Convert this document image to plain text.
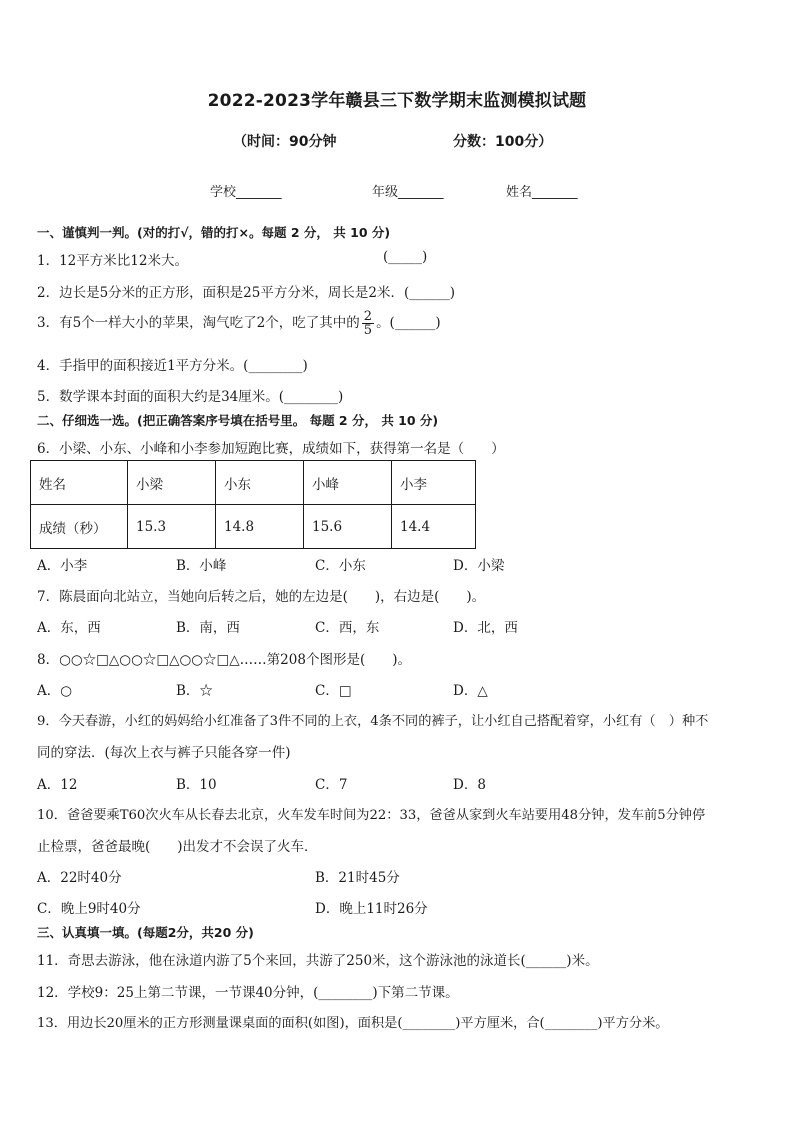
2022-2023学年赣县三下数学期末监测模拟试题
（时间：90分钟	分数：100分）
学校_______	年级_______	姓名_______
一、谨慎判一判。(对的打√，错的打×。每题 2 分， 共 10 分)
1．12平方米比12米大。	(_____)
2．边长是5分米的正方形，面积是25平方分米，周长是2米．(______)
3．有5个一样大小的苹果，淘气吃了2个，吃了其中的 $\frac{2}{5}$ 。(______)
4．手指甲的面积接近1平方分米。(________)
5．数学课本封面的面积大约是34厘米。(________)
二、仔细选一选。(把正确答案序号填在括号里。 每题 2 分， 共 10 分)
6．小梁、小东、小峰和小李参加短跑比赛，成绩如下，获得第一名是（　　）
姓名	小梁	小东	小峰	小李
成绩（秒）	15.3	14.8	15.6	14.4
A．小李	B．小峰	C．小东	D．小梁
7．陈晨面向北站立，当她向后转之后，她的左边是(　　)，右边是(　　)。
A．东，西	B．南，西	C．西，东	D．北，西
8．○○☆□△○○☆□△○○☆□△……第208个图形是(　　)。
A．○	B．☆	C．□	D．△
9．今天春游，小红的妈妈给小红准备了3件不同的上衣，4条不同的裤子，让小红自己搭配着穿，小红有（　）种不
同的穿法．(每次上衣与裤子只能各穿一件)
A．12	B．10	C．7	D．8
10．爸爸要乘T60次火车从长春去北京，火车发车时间为22：33，爸爸从家到火车站要用48分钟，发车前5分钟停
止检票，爸爸最晚(　　)出发才不会误了火车．
A．22时40分	B．21时45分
C．晚上9时40分	D．晚上11时26分
三、认真填一填。(每题2分，共20 分)
11．奇思去游泳，他在泳道内游了5个来回，共游了250米，这个游泳池的泳道长(______)米。
12．学校9：25上第二节课，一节课40分钟，(________)下第二节课。
13．用边长20厘米的正方形测量课桌面的面积(如图)，面积是(________)平方厘米，合(________)平方分米。
